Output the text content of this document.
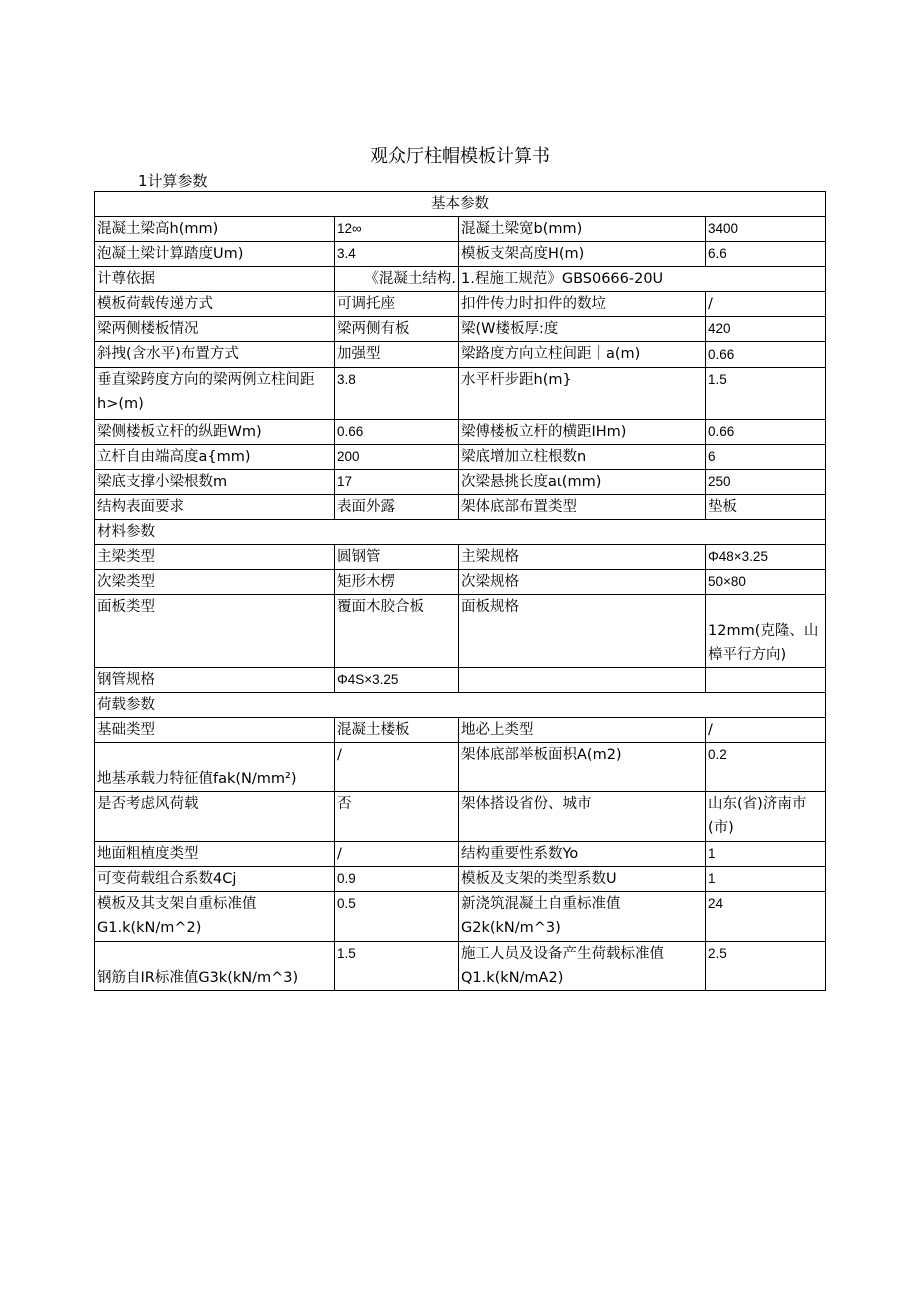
观众厅柱帽模板计算书
1计算参数
基本参数			
混凝土梁高h(mm)	12∞	混凝土梁宽b(mm)	3400
泡凝土梁计算踏度Um)	3.4	模板支架高度H(m)	6.6
计尊依据	《混凝土结构.	1.程施工规范》GBS0666-20U	
模板荷载传递方式	可调托座	扣件传力时扣件的数垃	/
梁两侧楼板情况	梁两侧有板	梁(W楼板厚:度	420
斜拽(含水平)布置方式	加强型	梁路度方向立柱间距｜a(m)	0.66
垂直梁跨度方向的梁两例立柱间距h>(m)	3.8	水平杆步距h(m}	1.5
梁侧楼板立杆的纵距Wm)	0.66	梁傅楼板立杆的横距IHm)	0.66
立杆自由端高度a{mm)	200	梁底增加立柱根数n	6
梁底支撑小梁根数m	17	次梁悬挑长度aι(mm)	250
结构表面要求	表面外露	架体底部布置类型	垫板
材料参数			
主梁类型	圆钢管	主梁规格	Φ48×3.25
次梁类型	矩形木楞	次梁规格	50×80
面板类型	覆面木胶合板	面板规格	12mm(克隆、山樟平行方向)
钢管规格	Φ4S×3.25		
荷载参数			
基础类型	混凝土楼板	地必上类型	/
地基承载力特征值fak(N/mm²)	/	架体底部举板面枳A(m2)	0.2
是否考虑风荷载	否	架体搭设省份、城市	山东(省)济南市(市)
地面粗植度类型	/	结构重要性系数Yo	1
可变荷载组合系数4Cj	0.9	模板及支架的类型系数U	1
模板及其支架自重标准值G1.k(kN/m^2)	0.5	新浇筑混凝土自重标准值G2k(kN/m^3)	24
钢筋自IR标准值G3k(kN/m^3)	1.5	施工人员及设备产生荷载标准值Q1.k(kN/mA2)	2.5
